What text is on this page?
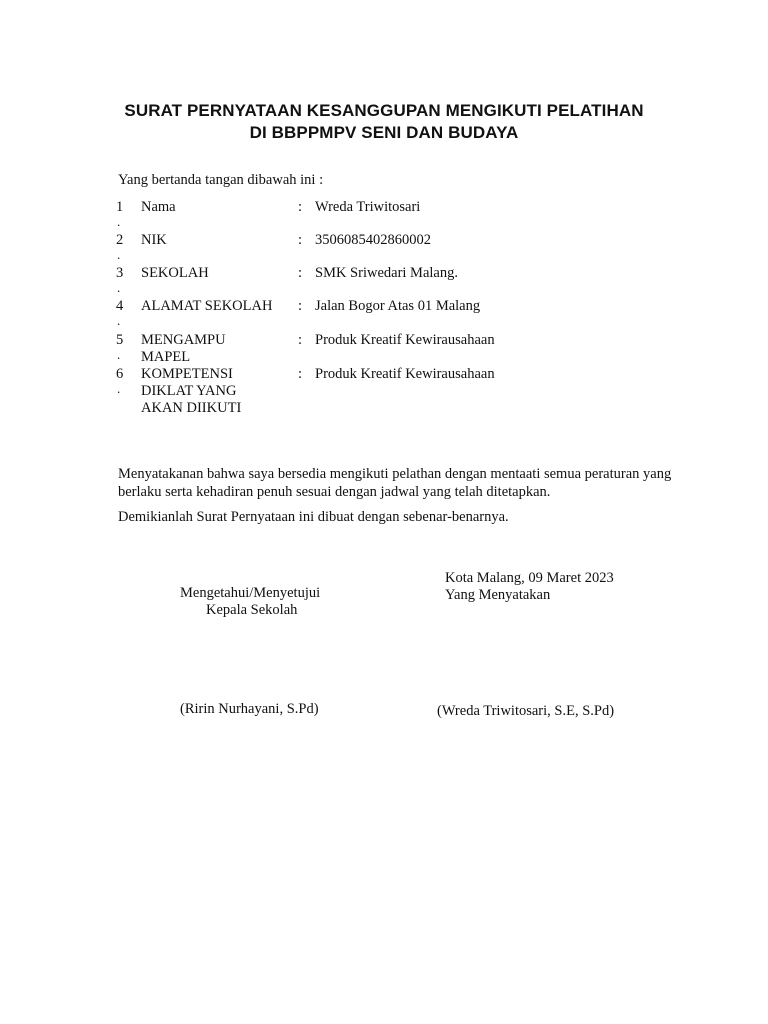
SURAT PERNYATAAN KESANGGUPAN MENGIKUTI PELATIHAN
DI BBPPMPV SENI DAN BUDAYA
Yang bertanda tangan dibawah ini :
1
.
Nama	: Wreda Triwitosari
2
.
NIK	: 3506085402860002
3
.
SEKOLAH	: SMK Sriwedari Malang.
4
.
ALAMAT SEKOLAH	: Jalan Bogor Atas 01 Malang
5
.
MENGAMPU MAPEL
: Produk Kreatif Kewirausahaan
6
.
KOMPETENSI DIKLAT YANG AKAN DIIKUTI
: Produk Kreatif Kewirausahaan
Menyatakanan bahwa saya bersedia mengikuti pelathan dengan mentaati semua peraturan yang berlaku serta kehadiran penuh sesuai dengan jadwal yang telah ditetapkan.
Demikianlah Surat Pernyataan ini dibuat dengan sebenar-benarnya.
Mengetahui/Menyetujui
Kepala Sekolah
Kota Malang, 09 Maret 2023
Yang Menyatakan
(Ririn Nurhayani, S.Pd)	(Wreda Triwitosari, S.E, S.Pd)
